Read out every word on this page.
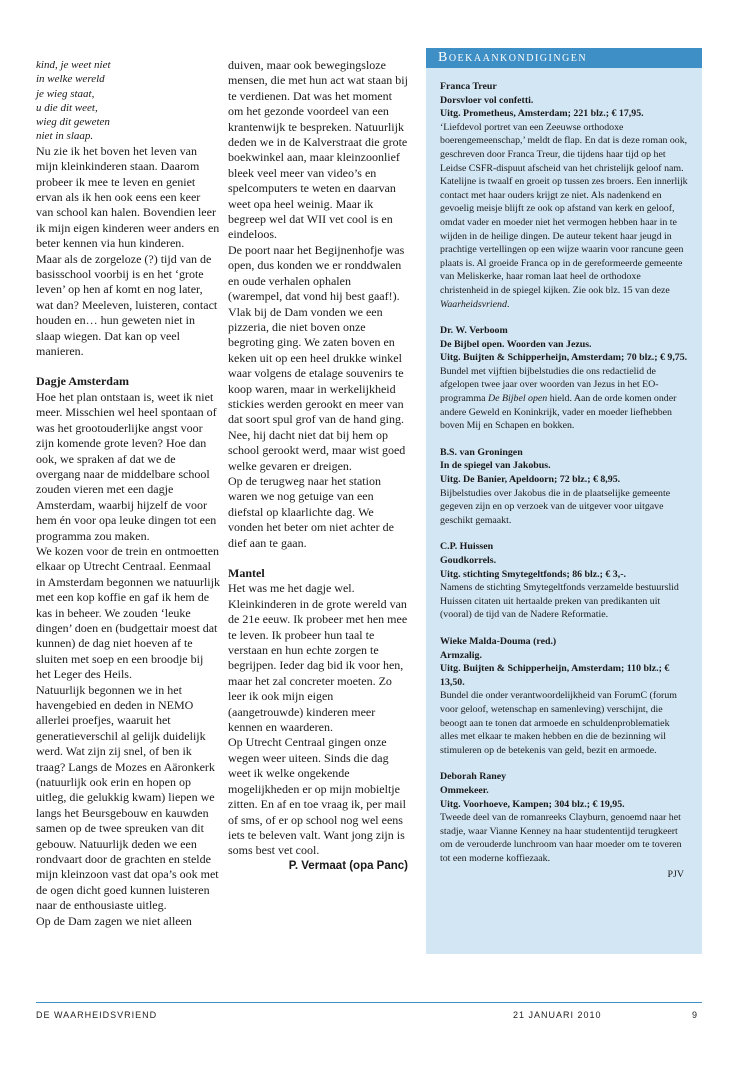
kind, je weet niet
in welke wereld
je wieg staat,
u die dit weet,
wieg dit geweten
niet in slaap.

Nu zie ik het boven het leven van mijn kleinkinderen staan. Daarom probeer ik mee te leven en geniet ervan als ik hen ook eens een keer van school kan halen. Bovendien leer ik mijn eigen kinderen weer anders en beter kennen via hun kinderen.

Maar als de zorgeloze (?) tijd van de basisschool voorbij is en het ‘grote leven’ op hen af komt en nog later, wat dan? Meeleven, luisteren, contact houden en… hun geweten niet in slaap wiegen. Dat kan op veel manieren.

Dagje Amsterdam

Hoe het plan ontstaan is, weet ik niet meer. Misschien wel heel spontaan of was het grootouderlijke angst voor zijn komende grote leven? Hoe dan ook, we spraken af dat we de overgang naar de middelbare school zouden vieren met een dagje Amsterdam, waarbij hijzelf de voor hem én voor opa leuke dingen tot een programma zou maken.

We kozen voor de trein en ontmoetten elkaar op Utrecht Centraal. Eenmaal in Amsterdam begonnen we natuurlijk met een kop koffie en gaf ik hem de kas in beheer. We zouden ‘leuke dingen’ doen en (budgettair moest dat kunnen) de dag niet hoeven af te sluiten met soep en een broodje bij het Leger des Heils.

Natuurlijk begonnen we in het havengebied en deden in NEMO allerlei proefjes, waaruit het generatieverschil al gelijk duidelijk werd. Wat zijn zij snel, of ben ik traag? Langs de Mozes en Aäronkerk (natuurlijk ook erin en hopen op uitleg, die gelukkig kwam) liepen we langs het Beursgebouw en kauwden samen op de twee spreuken van dit gebouw. Natuurlijk deden we een rondvaart door de grachten en stelde mijn kleinzoon vast dat opa’s ook met de ogen dicht goed kunnen luisteren naar de enthousiaste uitleg.

Op de Dam zagen we niet alleen

duiven, maar ook bewegingsloze mensen, die met hun act wat staan bij te verdienen. Dat was het moment om het gezonde voordeel van een krantenwijk te bespreken. Natuurlijk deden we in de Kalverstraat die grote boekwinkel aan, maar kleinzoonlief bleek veel meer van video’s en spelcomputers te weten en daarvan weet opa heel weinig. Maar ik begreep wel dat WII vet cool is en eindeloos.

De poort naar het Begijnenhofje was open, dus konden we er ronddwalen en oude verhalen ophalen (warempel, dat vond hij best gaaf!). Vlak bij de Dam vonden we een pizzeria, die niet boven onze begroting ging. We zaten boven en keken uit op een heel drukke winkel waar volgens de etalage souvenirs te koop waren, maar in werkelijkheid stickies werden gerookt en meer van dat soort spul grof van de hand ging. Nee, hij dacht niet dat bij hem op school gerookt werd, maar wist goed welke gevaren er dreigen.

Op de terugweg naar het station waren we nog getuige van een diefstal op klaarlichte dag. We vonden het beter om niet achter de dief aan te gaan.

Mantel

Het was me het dagje wel. Kleinkinderen in de grote wereld van de 21e eeuw. Ik probeer met hen mee te leven. Ik probeer hun taal te verstaan en hun echte zorgen te begrijpen. Ieder dag bid ik voor hen, maar het zal concreter moeten. Zo leer ik ook mijn eigen (aangetrouwde) kinderen meer kennen en waarderen.

Op Utrecht Centraal gingen onze wegen weer uiteen. Sinds die dag weet ik welke ongekende mogelijkheden er op mijn mobieltje zitten. En af en toe vraag ik, per mail of sms, of er op school nog wel eens iets te beleven valt. Want jong zijn is soms best vet cool.

P. Vermaat (opa Panc)

Boekaankondigingen

Franca Treur

Dorsvloer vol confetti.

Uitg. Prometheus, Amsterdam; 221 blz.; € 17,95.

‘Liefdevol portret van een Zeeuwse orthodoxe boerengemeenschap,’ meldt de flap. En dat is deze roman ook, geschreven door Franca Treur, die tijdens haar tijd op het Leidse CSFR-dispuut afscheid van het christelijk geloof nam. Katelijne is twaalf en groeit op tussen zes broers. Een innerlijk contact met haar ouders krijgt ze niet. Als nadenkend en gevoelig meisje blijft ze ook op afstand van kerk en geloof, omdat vader en moeder niet het vermogen hebben haar in te wijden in de heilige dingen. De auteur tekent haar jeugd in prachtige vertellingen op een wijze waarin voor rancune geen plaats is. Al groeide Franca op in de gereformeerde gemeente van Meliskerke, haar roman laat heel de orthodoxe christenheid in de spiegel kijken. Zie ook blz. 15 van deze Waarheidsvriend.

Dr. W. Verboom

De Bijbel open. Woorden van Jezus.

Uitg. Buijten & Schipperheijn, Amsterdam; 70 blz.; € 9,75.

Bundel met vijftien bijbelstudies die ons redactielid de afgelopen twee jaar over woorden van Jezus in het EO-programma De Bijbel open hield. Aan de orde komen onder andere Geweld en Koninkrijk, vader en moeder liefhebben boven Mij en Schapen en bokken.

B.S. van Groningen

In de spiegel van Jakobus.

Uitg. De Banier, Apeldoorn; 72 blz.; € 8,95.

Bijbelstudies over Jakobus die in de plaatselijke gemeente gegeven zijn en op verzoek van de uitgever voor uitgave geschikt gemaakt.

C.P. Huissen

Goudkorrels.

Uitg. stichting Smytegeltfonds; 86 blz.; € 3,-.

Namens de stichting Smytegeltfonds verzamelde bestuurslid Huissen citaten uit hertaalde preken van predikanten uit (vooral) de tijd van de Nadere Reformatie.

Wieke Malda-Douma (red.)

Armzalig.

Uitg. Buijten & Schipperheijn, Amsterdam; 110 blz.; € 13,50.

Bundel die onder verantwoordelijkheid van ForumC (forum voor geloof, wetenschap en samenleving) verschijnt, die beoogt aan te tonen dat armoede en schuldenproblematiek alles met elkaar te maken hebben en die de bezinning wil stimuleren op de betekenis van geld, bezit en armoede.

Deborah Raney

Ommekeer.

Uitg. Voorhoeve, Kampen; 304 blz.; € 19,95.

Tweede deel van de romanreeks Clayburn, genoemd naar het stadje, waar Vianne Kenney na haar studententijd terugkeert om de verouderde lunchroom van haar moeder om te toveren tot een moderne koffiezaak.

PJV

DE WAARHEIDSVRIEND	21 JANUARI 2010	9
